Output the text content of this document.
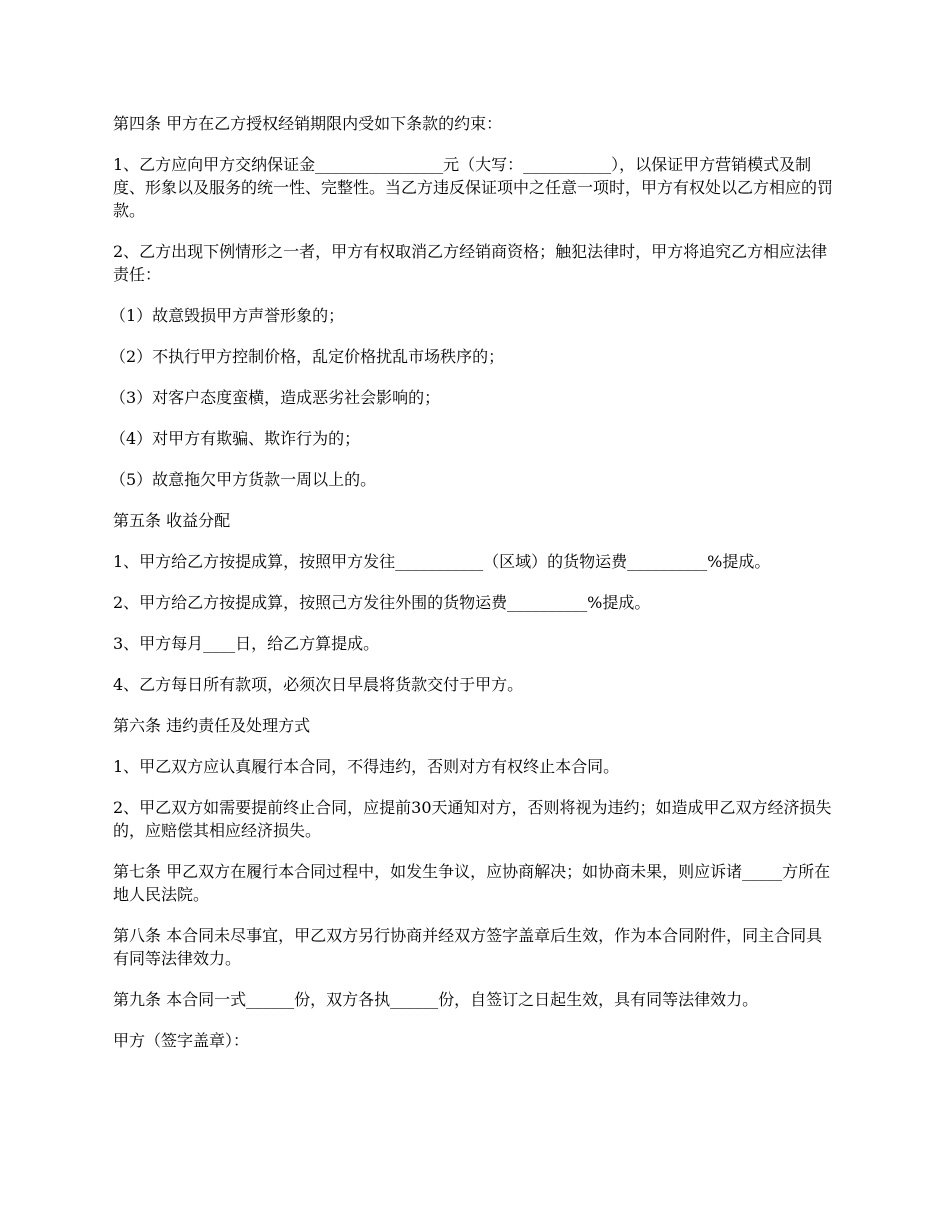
第四条 甲方在乙方授权经销期限内受如下条款的约束：

1、乙方应向甲方交纳保证金________________元（大写：___________），以保证甲方营销模式及制度、形象以及服务的统一性、完整性。当乙方违反保证项中之任意一项时，甲方有权处以乙方相应的罚款。

2、乙方出现下例情形之一者，甲方有权取消乙方经销商资格；触犯法律时，甲方将追究乙方相应法律责任：

（1）故意毁损甲方声誉形象的；

（2）不执行甲方控制价格，乱定价格扰乱市场秩序的；

（3）对客户态度蛮横，造成恶劣社会影响的；

（4）对甲方有欺骗、欺诈行为的；

（5）故意拖欠甲方货款一周以上的。

第五条 收益分配

1、甲方给乙方按提成算，按照甲方发往___________（区域）的货物运费__________%提成。

2、甲方给乙方按提成算，按照己方发往外围的货物运费__________%提成。

3、甲方每月____日，给乙方算提成。

4、乙方每日所有款项，必须次日早晨将货款交付于甲方。

第六条 违约责任及处理方式

1、甲乙双方应认真履行本合同，不得违约，否则对方有权终止本合同。

2、甲乙双方如需要提前终止合同，应提前30天通知对方，否则将视为违约；如造成甲乙双方经济损失的，应赔偿其相应经济损失。

第七条 甲乙双方在履行本合同过程中，如发生争议，应协商解决；如协商未果，则应诉诸_____方所在地人民法院。

第八条 本合同未尽事宜，甲乙双方另行协商并经双方签字盖章后生效，作为本合同附件，同主合同具有同等法律效力。

第九条 本合同一式______份，双方各执______份，自签订之日起生效，具有同等法律效力。

甲方（签字盖章）：
